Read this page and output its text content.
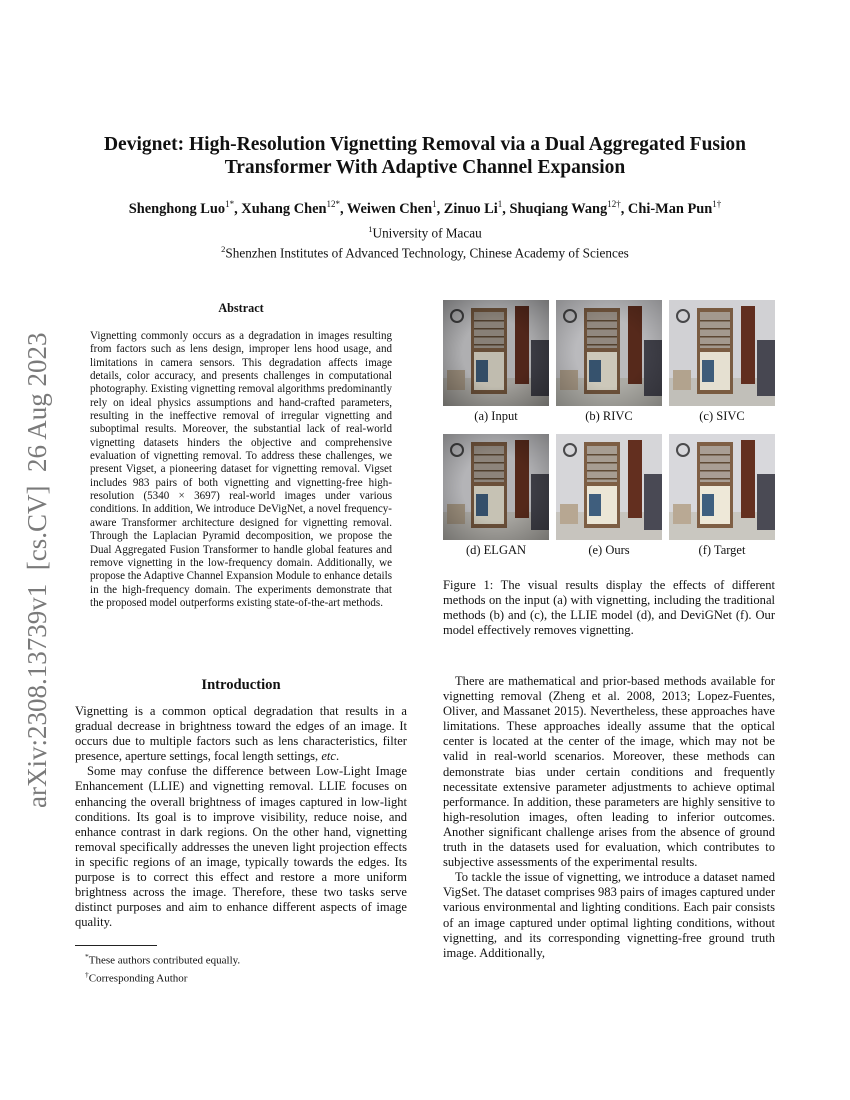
arXiv:2308.13739v1  [cs.CV]  26 Aug 2023
Devignet: High-Resolution Vignetting Removal via a Dual Aggregated Fusion Transformer With Adaptive Channel Expansion
Shenghong Luo$^{1*}$, Xuhang Chen$^{12*}$, Weiwen Chen$^1$, Zinuo Li$^1$, Shuqiang Wang$^{12\dagger}$, Chi-Man Pun$^{1\dagger}$
$^1$University of Macau
$^2$Shenzhen Institutes of Advanced Technology, Chinese Academy of Sciences
Abstract

Vignetting commonly occurs as a degradation in images resulting from factors such as lens design, improper lens hood usage, and limitations in camera sensors. This degradation affects image details, color accuracy, and presents challenges in computational photography. Existing vignetting removal algorithms predominantly rely on ideal physics assumptions and hand-crafted parameters, resulting in the ineffective removal of irregular vignetting and suboptimal results. Moreover, the substantial lack of real-world vignetting datasets hinders the objective and comprehensive evaluation of vignetting removal. To address these challenges, we present Vigset, a pioneering dataset for vignetting removal. Vigset includes 983 pairs of both vignetting and vignetting-free high-resolution (5340 × 3697) real-world images under various conditions. In addition, We introduce DeVigNet, a novel frequency-aware Transformer architecture designed for vignetting removal. Through the Laplacian Pyramid decomposition, we propose the Dual Aggregated Fusion Transformer to handle global features and remove vignetting in the low-frequency domain. Additionally, we propose the Adaptive Channel Expansion Module to enhance details in the high-frequency domain. The experiments demonstrate that the proposed model outperforms existing state-of-the-art methods.

(a) Input	(b) RIVC	(c) SIVC
(d) ELGAN	(e) Ours	(f) Target

Figure 1: The visual results display the effects of different methods on the input (a) with vignetting, including the traditional methods (b) and (c), the LLIE model (d), and DeviGNet (f). Our model effectively removes vignetting.

Introduction

Vignetting is a common optical degradation that results in a gradual decrease in brightness toward the edges of an image. It occurs due to multiple factors such as lens characteristics, filter presence, aperture settings, focal length settings, etc.

Some may confuse the difference between Low-Light Image Enhancement (LLIE) and vignetting removal. LLIE focuses on enhancing the overall brightness of images captured in low-light conditions. Its goal is to improve visibility, reduce noise, and enhance contrast in dark regions. On the other hand, vignetting removal specifically addresses the uneven light projection effects in specific regions of an image, typically towards the edges. Its purpose is to correct this effect and restore a more uniform brightness across the image. Therefore, these two tasks serve distinct purposes and aim to enhance different aspects of image quality.

*These authors contributed equally.
†Corresponding Author

There are mathematical and prior-based methods available for vignetting removal (Zheng et al. 2008, 2013; Lopez-Fuentes, Oliver, and Massanet 2015). Nevertheless, these approaches have limitations. These approaches ideally assume that the optical center is located at the center of the image, which may not be valid in real-world scenarios. Moreover, these methods can demonstrate bias under certain conditions and frequently necessitate extensive parameter adjustments to achieve optimal performance. In addition, these parameters are highly sensitive to high-resolution images, often leading to inferior outcomes. Another significant challenge arises from the absence of ground truth in the datasets used for evaluation, which contributes to subjective assessments of the experimental results.

To tackle the issue of vignetting, we introduce a dataset named VigSet. The dataset comprises 983 pairs of images captured under various environmental and lighting conditions. Each pair consists of an image captured under optimal lighting conditions, without vignetting, and its corresponding vignetting-free ground truth image. Additionally,
